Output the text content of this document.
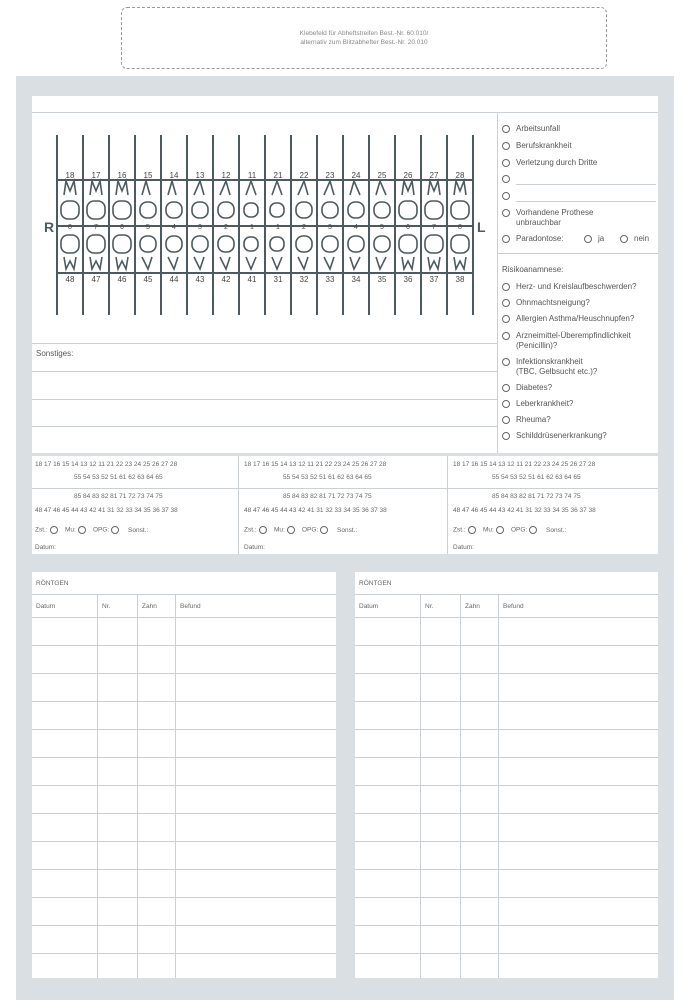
Klebefeld für Abheftstreifen Best.-Nr. 60.010/
alternativ zum Blitzabhefter Best.-Nr. 20.010
Sonstiges:
18	17	16	15	14	13	12	11	21	22	23	24	25	26	27	28
8	7	6	5	4	3	2	1	1	2	3	4	5	6	7	8
48	47	46	45	44	43	42	41	31	32	33	34	35	36	37	38
R	L
Arbeitsunfall
Berufskrankheit
Verletzung durch Dritte
Vorhandene Prothese
unbrauchbar
Paradontose:	ja	nein
Risikoanamnese:
Herz- und Kreislaufbeschwerden?
Ohnmachtsneigung?
Allergien Asthma/Heuschnupfen?
Arzneimittel-Überempfindlichkeit
(Penicillin)?
Infektionskrankheit
(TBC, Gelbsucht etc.)?
Diabetes?
Leberkrankheit?
Rheuma?
Schilddrüsenerkrankung?
18 17 16 15 14 13 12 11 21 22 23 24 25 26 27 28
55 54 53 52 51 61 62 63 64 65
85 84 83 82 81 71 72 73 74 75
48 47 46 45 44 43 42 41 31 32 33 34 35 36 37 38
Zst.:	Mu:	OPG:	Sonst.:
Datum:
18 17 16 15 14 13 12 11 21 22 23 24 25 26 27 28
55 54 53 52 51 61 62 63 64 65
85 84 83 82 81 71 72 73 74 75
48 47 46 45 44 43 42 41 31 32 33 34 35 36 37 38
Zst.:	Mu:	OPG:	Sonst.:
Datum:
18 17 16 15 14 13 12 11 21 22 23 24 25 26 27 28
55 54 53 52 51 61 62 63 64 65
85 84 83 82 81 71 72 73 74 75
48 47 46 45 44 43 42 41 31 32 33 34 35 36 37 38
Zst.:	Mu:	OPG:	Sonst.:
Datum:
RÖNTGEN
Datum	Nr.	Zahn	Befund
RÖNTGEN
Datum	Nr.	Zahn	Befund
